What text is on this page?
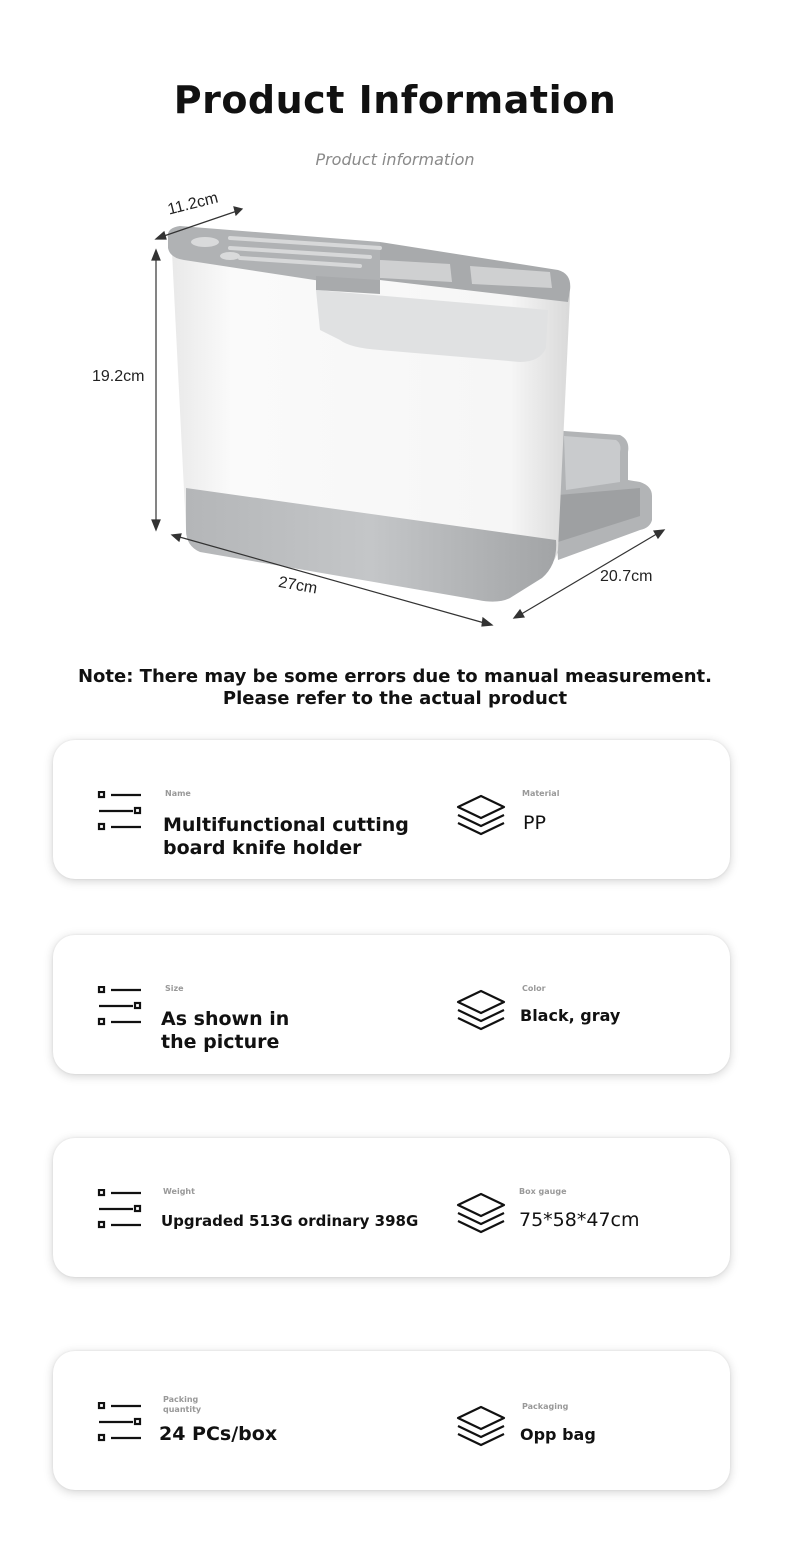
Product Information
Product information
11.2cm
19.2cm
27cm	20.7cm
Note: There may be some errors due to manual measurement. Please refer to the actual product
Name
Multifunctional cutting board knife holder
Material
PP
Size
As shown in the picture
Color
Black, gray
Weight
Upgraded 513G ordinary 398G
Box gauge
75*58*47cm
Packing quantity
24 PCs/box
Packaging
Opp bag
